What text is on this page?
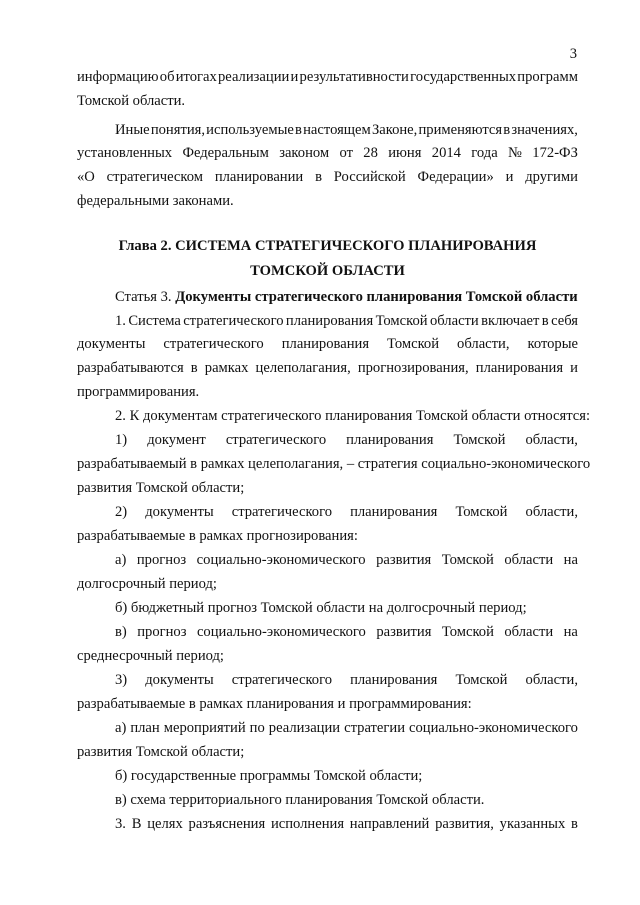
3
информацию об итогах реализации и результативности государственных программ
Томской области.
Иные понятия, используемые в настоящем Законе, применяются в значениях,
установленных Федеральным законом от 28 июня 2014 года № 172-ФЗ
«О стратегическом планировании в Российской Федерации» и другими
федеральными законами.
Глава 2. СИСТЕМА СТРАТЕГИЧЕСКОГО ПЛАНИРОВАНИЯ
ТОМСКОЙ ОБЛАСТИ
Статья 3. Документы стратегического планирования Томской области
1. Система стратегического планирования Томской области включает в себя
документы стратегического планирования Томской области, которые
разрабатываются в рамках целеполагания, прогнозирования, планирования и
программирования.
2. К документам стратегического планирования Томской области относятся:
1) документ стратегического планирования Томской области,
разрабатываемый в рамках целеполагания, – стратегия социально-экономического
развития Томской области;
2) документы стратегического планирования Томской области,
разрабатываемые в рамках прогнозирования:
а) прогноз социально-экономического развития Томской области на
долгосрочный период;
б) бюджетный прогноз Томской области на долгосрочный период;
в) прогноз социально-экономического развития Томской области на
среднесрочный период;
3) документы стратегического планирования Томской области,
разрабатываемые в рамках планирования и программирования:
а) план мероприятий по реализации стратегии социально-экономического
развития Томской области;
б) государственные программы Томской области;
в) схема территориального планирования Томской области.
3. В целях разъяснения исполнения направлений развития, указанных в
